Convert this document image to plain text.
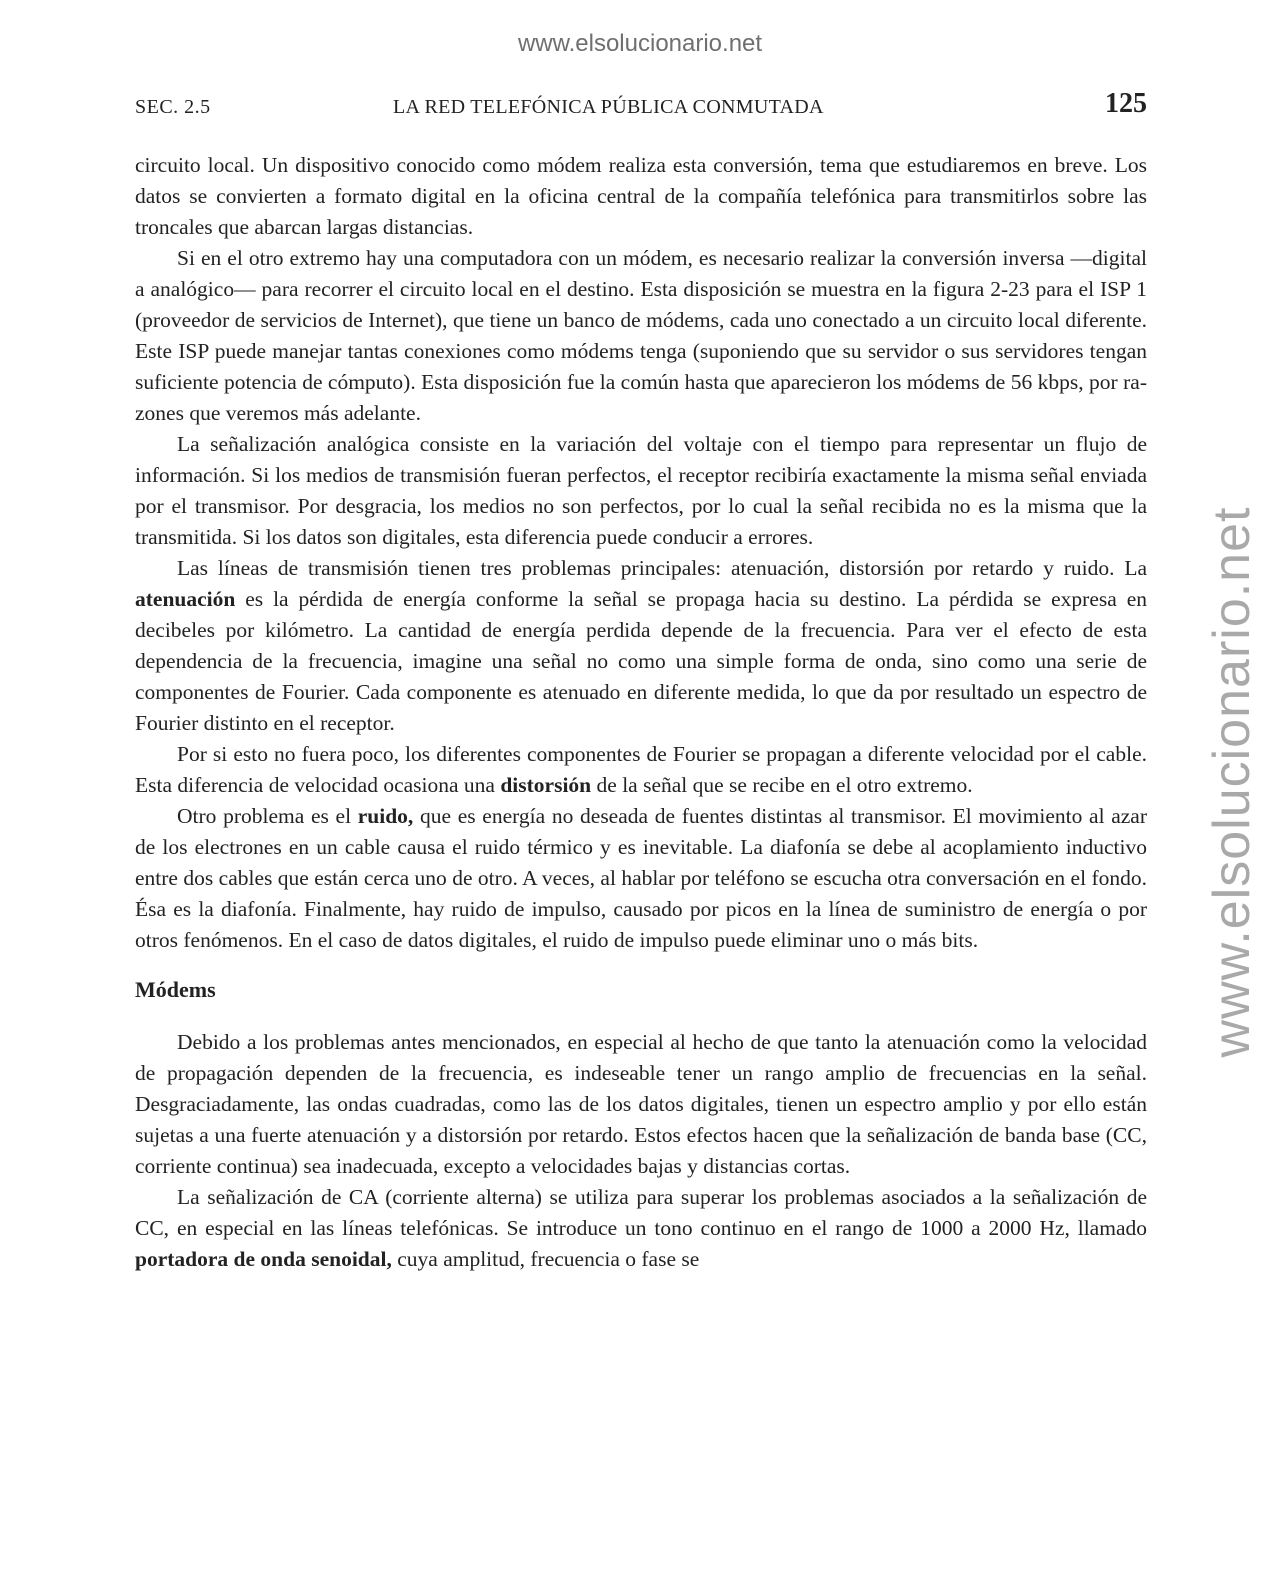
www.elsolucionario.net
www.elsolucionario.net
SEC. 2.5	LA RED TELEFÓNICA PÚBLICA CONMUTADA	125

circuito local. Un dispositivo conocido como módem realiza esta conversión, tema que estudiaremos en breve. Los datos se convierten a formato digital en la oficina central de la compañía telefónica para transmitirlos sobre las troncales que abarcan largas distancias.

Si en el otro extremo hay una computadora con un módem, es necesario realizar la conversión inversa —digital a analógico— para recorrer el circuito local en el destino. Esta disposición se muestra en la figura 2-23 para el ISP 1 (proveedor de servicios de Internet), que tiene un banco de módems, cada uno conectado a un circuito local diferente. Este ISP puede manejar tantas conexiones como módems tenga (suponiendo que su servidor o sus servidores tengan suficiente potencia de cómputo). Esta disposición fue la común hasta que aparecieron los módems de 56 kbps, por razones que veremos más adelante.

La señalización analógica consiste en la variación del voltaje con el tiempo para representar un flujo de información. Si los medios de transmisión fueran perfectos, el receptor recibiría exactamente la misma señal enviada por el transmisor. Por desgracia, los medios no son perfectos, por lo cual la señal recibida no es la misma que la transmitida. Si los datos son digitales, esta diferencia puede conducir a errores.

Las líneas de transmisión tienen tres problemas principales: atenuación, distorsión por retardo y ruido. La atenuación es la pérdida de energía conforme la señal se propaga hacia su destino. La pérdida se expresa en decibeles por kilómetro. La cantidad de energía perdida depende de la frecuencia. Para ver el efecto de esta dependencia de la frecuencia, imagine una señal no como una simple forma de onda, sino como una serie de componentes de Fourier. Cada componente es atenuado en diferente medida, lo que da por resultado un espectro de Fourier distinto en el receptor.

Por si esto no fuera poco, los diferentes componentes de Fourier se propagan a diferente velocidad por el cable. Esta diferencia de velocidad ocasiona una distorsión de la señal que se recibe en el otro extremo.

Otro problema es el ruido, que es energía no deseada de fuentes distintas al transmisor. El movimiento al azar de los electrones en un cable causa el ruido térmico y es inevitable. La diafonía se debe al acoplamiento inductivo entre dos cables que están cerca uno de otro. A veces, al hablar por teléfono se escucha otra conversación en el fondo. Ésa es la diafonía. Finalmente, hay ruido de impulso, causado por picos en la línea de suministro de energía o por otros fenómenos. En el caso de datos digitales, el ruido de impulso puede eliminar uno o más bits.

Módems

Debido a los problemas antes mencionados, en especial al hecho de que tanto la atenuación como la velocidad de propagación dependen de la frecuencia, es indeseable tener un rango amplio de frecuencias en la señal. Desgraciadamente, las ondas cuadradas, como las de los datos digitales, tienen un espectro amplio y por ello están sujetas a una fuerte atenuación y a distorsión por retardo. Estos efectos hacen que la señalización de banda base (CC, corriente continua) sea inadecuada, excepto a velocidades bajas y distancias cortas.

La señalización de CA (corriente alterna) se utiliza para superar los problemas asociados a la señalización de CC, en especial en las líneas telefónicas. Se introduce un tono continuo en el rango de 1000 a 2000 Hz, llamado portadora de onda senoidal, cuya amplitud, frecuencia o fase se
